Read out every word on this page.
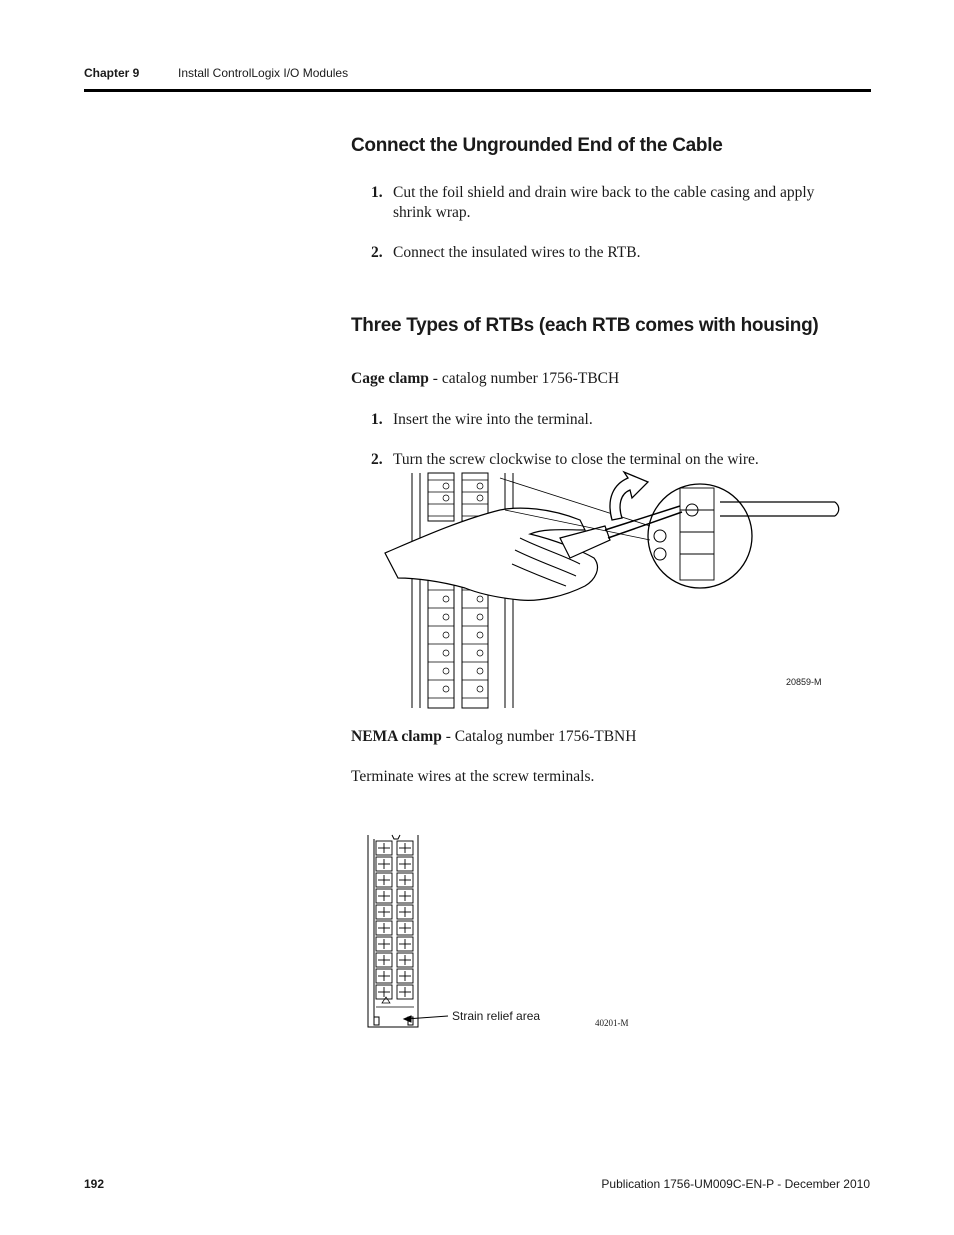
Chapter 9	Install ControlLogix I/O Modules
Connect the Ungrounded End of the Cable
1. Cut the foil shield and drain wire back to the cable casing and apply shrink wrap.
2. Connect the insulated wires to the RTB.
Three Types of RTBs (each RTB comes with housing)
Cage clamp - catalog number 1756-TBCH
1. Insert the wire into the terminal.
2. Turn the screw clockwise to close the terminal on the wire.
20859-M
NEMA clamp - Catalog number 1756-TBNH
Terminate wires at the screw terminals.
Strain relief area	40201-M
192	Publication 1756-UM009C-EN-P - December 2010
